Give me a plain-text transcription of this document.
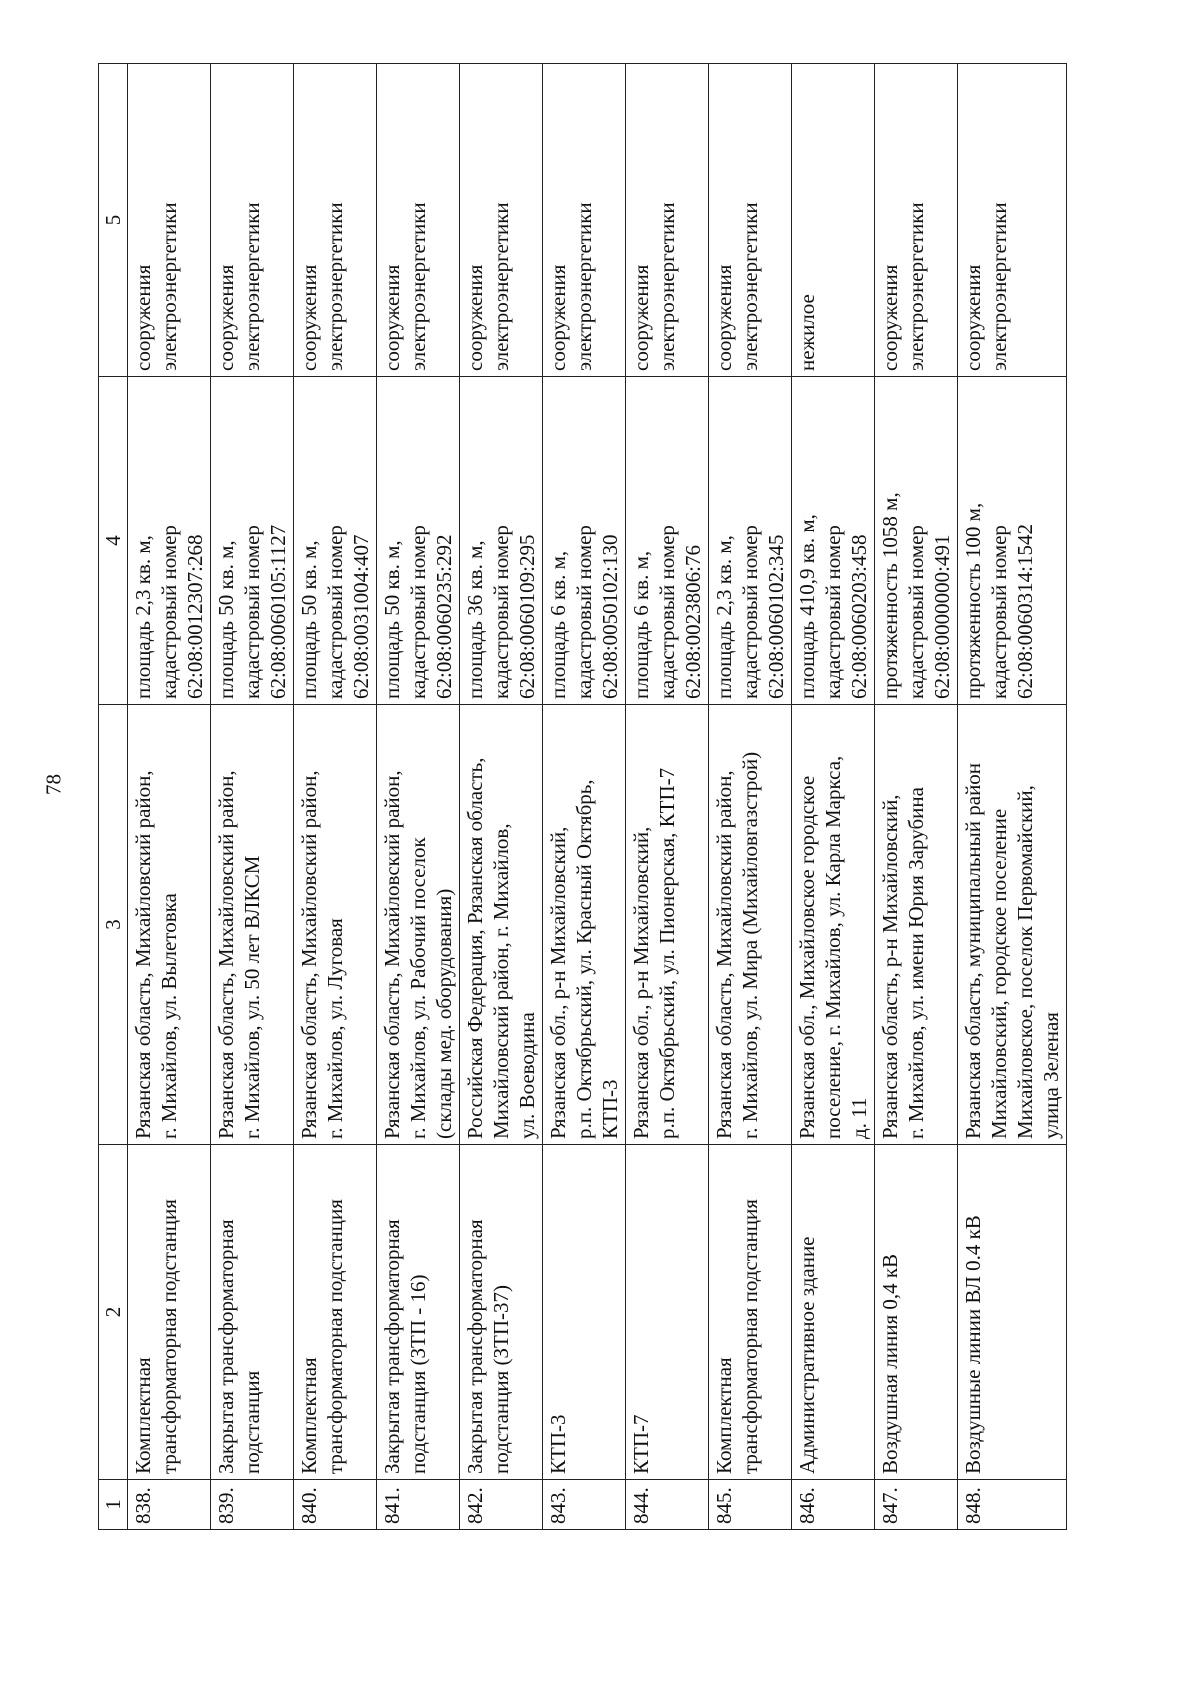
78
1	2	3	4	5
838.	Комплектная трансформаторная подстанция	Рязанская область, Михайловский район, г. Михайлов, ул. Вылетовка	площадь 2,3 кв. м, кадастровый номер 62:08:0012307:268	сооружения электроэнергетики

839.	Закрытая трансформаторная подстанция	Рязанская область, Михайловский район, г. Михайлов, ул. 50 лет ВЛКСМ	площадь 50 кв. м, кадастровый номер 62:08:0060105:1127	сооружения электроэнергетики

840.	Комплектная трансформаторная подстанция	Рязанская область, Михайловский район, г. Михайлов, ул. Луговая	площадь 50 кв. м, кадастровый номер 62:08:0031004:407	сооружения электроэнергетики

841.	Закрытая трансформаторная подстанция (ЗТП - 16)	Рязанская область, Михайловский район, г. Михайлов, ул. Рабочий поселок (склады мед. оборудования)	площадь 50 кв. м, кадастровый номер 62:08:0060235:292	сооружения электроэнергетики

842.	Закрытая трансформаторная подстанция (ЗТП-37)	Российская Федерация, Рязанская область, Михайловский район, г. Михайлов, ул. Воеводина	площадь 36 кв. м, кадастровый номер 62:08:0060109:295	сооружения электроэнергетики

843.	КТП-3	Рязанская обл., р-н Михайловский, р.п. Октябрьский, ул. Красный Октябрь, КТП-3	площадь 6 кв. м, кадастровый номер 62:08:0050102:130	сооружения электроэнергетики

844.	КТП-7	Рязанская обл., р-н Михайловский, р.п. Октябрьский, ул. Пионерская, КТП-7	площадь 6 кв. м, кадастровый номер 62:08:0023806:76	сооружения электроэнергетики

845.	Комплектная трансформаторная подстанция	Рязанская область, Михайловский район, г. Михайлов, ул. Мира (Михайловгазстрой)	площадь 2,3 кв. м, кадастровый номер 62:08:0060102:345	сооружения электроэнергетики

846.	Административное здание	Рязанская обл., Михайловское городское поселение, г. Михайлов, ул. Карла Маркса, д. 11	площадь 410,9 кв. м, кадастровый номер 62:08:0060203:458	нежилое

847.	Воздушная линия 0,4 кВ	Рязанская область, р-н Михайловский, г. Михайлов, ул. имени Юрия Зарубина	протяженность 1058 м, кадастровый номер 62:08:0000000:491	сооружения электроэнергетики

848.	Воздушные линии ВЛ 0.4 кВ	Рязанская область, муниципальный район Михайловский, городское поселение Михайловское, поселок Первомайский, улица Зеленая	протяженность 100 м, кадастровый номер 62:08:0060314:1542	сооружения электроэнергетики
